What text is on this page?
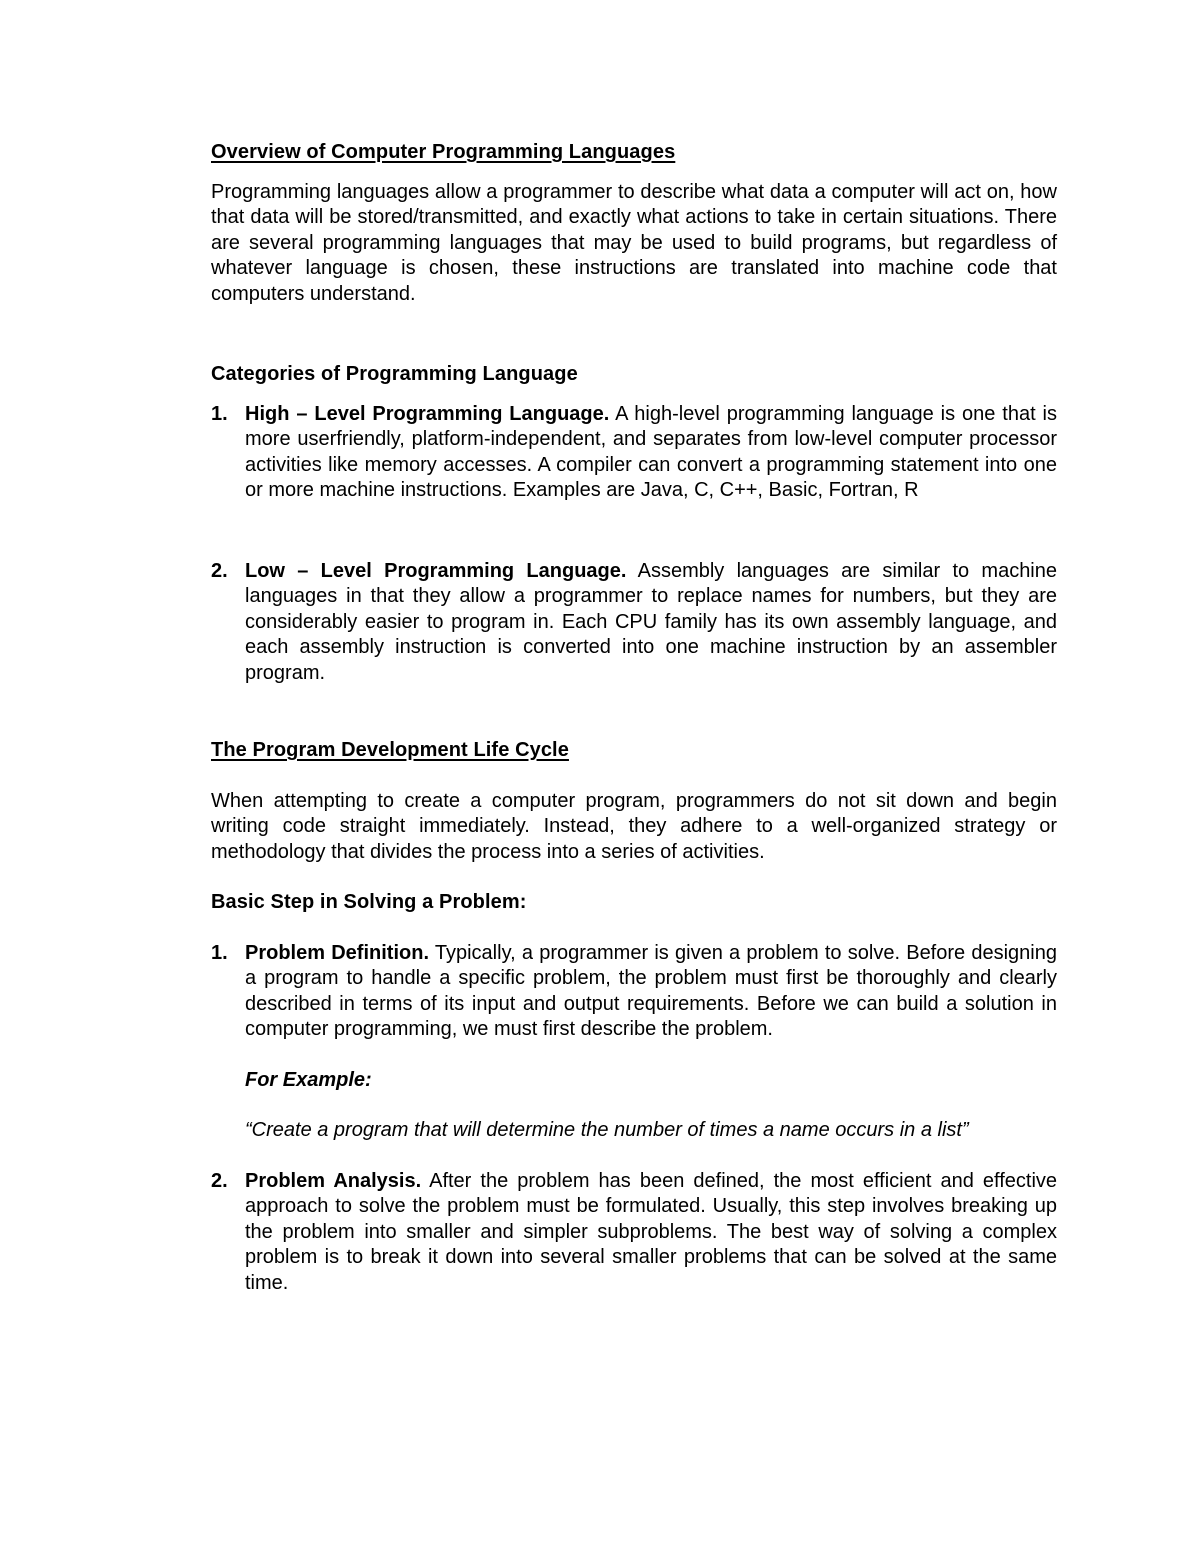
Overview of Computer Programming Languages

Programming languages allow a programmer to describe what data a computer will act on, how that data will be stored/transmitted, and exactly what actions to take in certain situations. There are several programming languages that may be used to build programs, but regardless of whatever language is chosen, these instructions are translated into machine code that computers understand.

Categories of Programming Language

1. High – Level Programming Language. A high-level programming language is one that is more userfriendly, platform-independent, and separates from low-level computer processor activities like memory accesses. A compiler can convert a programming statement into one or more machine instructions. Examples are Java, C, C++, Basic, Fortran, R

2. Low – Level Programming Language. Assembly languages are similar to machine languages in that they allow a programmer to replace names for numbers, but they are considerably easier to program in. Each CPU family has its own assembly language, and each assembly instruction is converted into one machine instruction by an assembler program.

The Program Development Life Cycle

When attempting to create a computer program, programmers do not sit down and begin writing code straight immediately. Instead, they adhere to a well-organized strategy or methodology that divides the process into a series of activities.

Basic Step in Solving a Problem:

1. Problem Definition. Typically, a programmer is given a problem to solve. Before designing a program to handle a specific problem, the problem must first be thoroughly and clearly described in terms of its input and output requirements. Before we can build a solution in computer programming, we must first describe the problem.

For Example:

“Create a program that will determine the number of times a name occurs in a list”

2. Problem Analysis. After the problem has been defined, the most efficient and effective approach to solve the problem must be formulated. Usually, this step involves breaking up the problem into smaller and simpler subproblems. The best way of solving a complex problem is to break it down into several smaller problems that can be solved at the same time.
